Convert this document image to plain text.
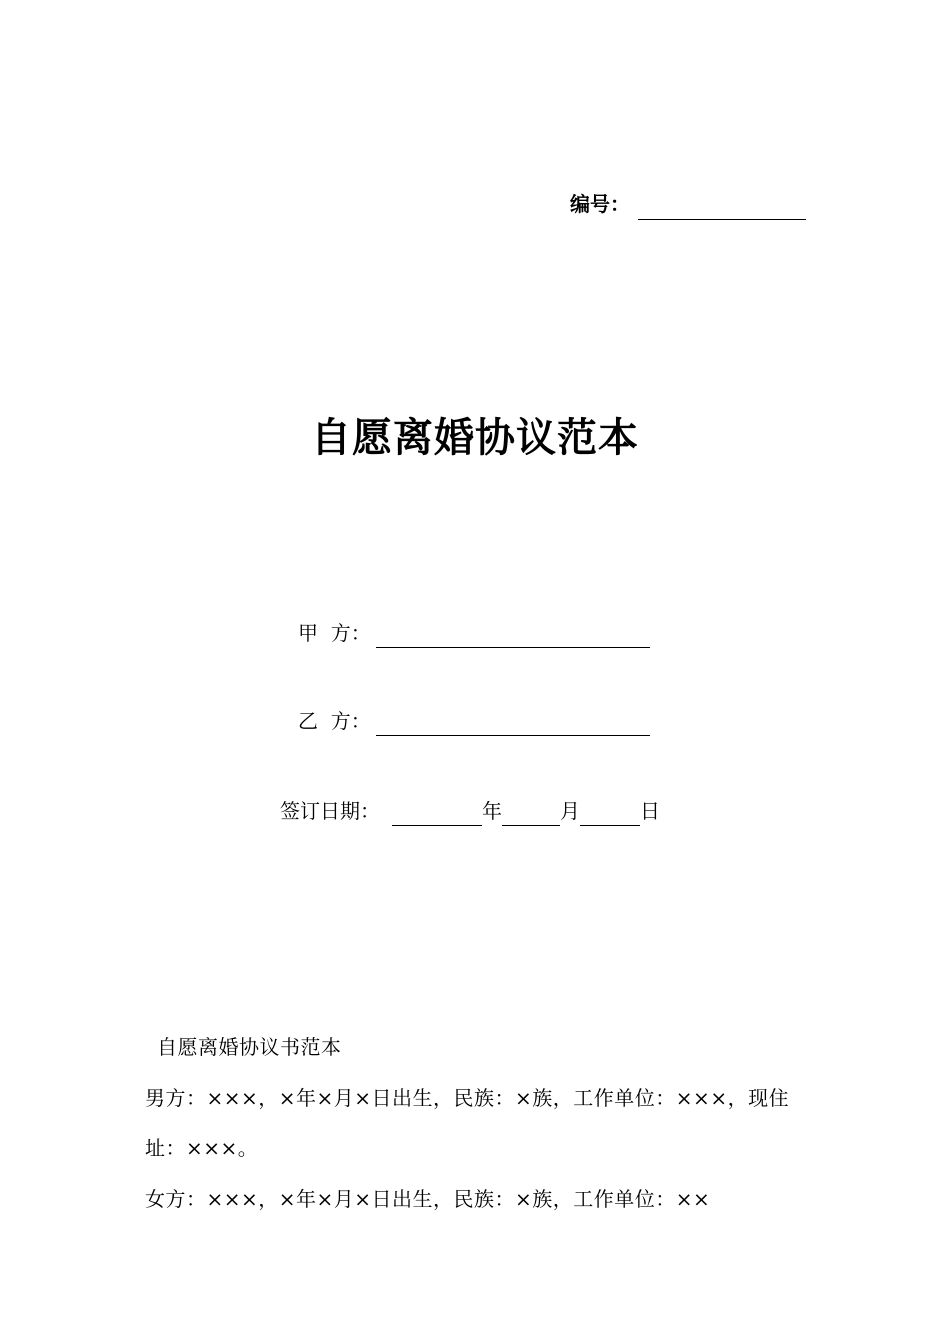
编号：
自愿离婚协议范本
甲  方：
乙  方：
签订日期：	年	月	日

自愿离婚协议书范本

男方：×××，×年×月×日出生，民族：×族，工作单位：×××，现住址：×××。

女方：×××，×年×月×日出生，民族：×族，工作单位：××
